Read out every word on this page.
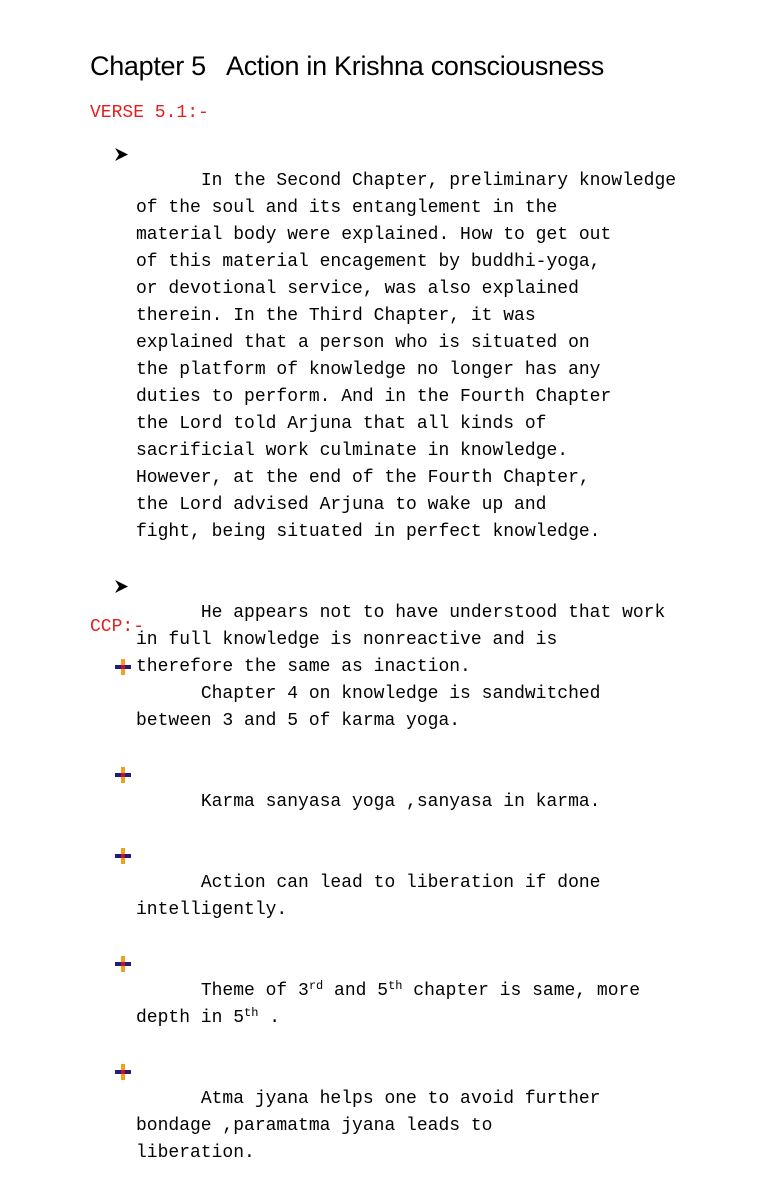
Chapter 5   Action in Krishna consciousness

VERSE 5.1:-

In the Second Chapter, preliminary knowledge
of the soul and its entanglement in the
material body were explained. How to get out
of this material encagement by buddhi-yoga,
or devotional service, was also explained
therein. In the Third Chapter, it was
explained that a person who is situated on
the platform of knowledge no longer has any
duties to perform. And in the Fourth Chapter
the Lord told Arjuna that all kinds of
sacrificial work culminate in knowledge.
However, at the end of the Fourth Chapter,
the Lord advised Arjuna to wake up and
fight, being situated in perfect knowledge.

He appears not to have understood that work
in full knowledge is nonreactive and is
therefore the same as inaction.

CCP:-

Chapter 4 on knowledge is sandwitched
between 3 and 5 of karma yoga.

Karma sanyasa yoga ,sanyasa in karma.

Action can lead to liberation if done
intelligently.

Theme of 3rd and 5th chapter is same, more
depth in 5th .

Atma jyana helps one to avoid further
bondage ,paramatma jyana leads to
liberation.
